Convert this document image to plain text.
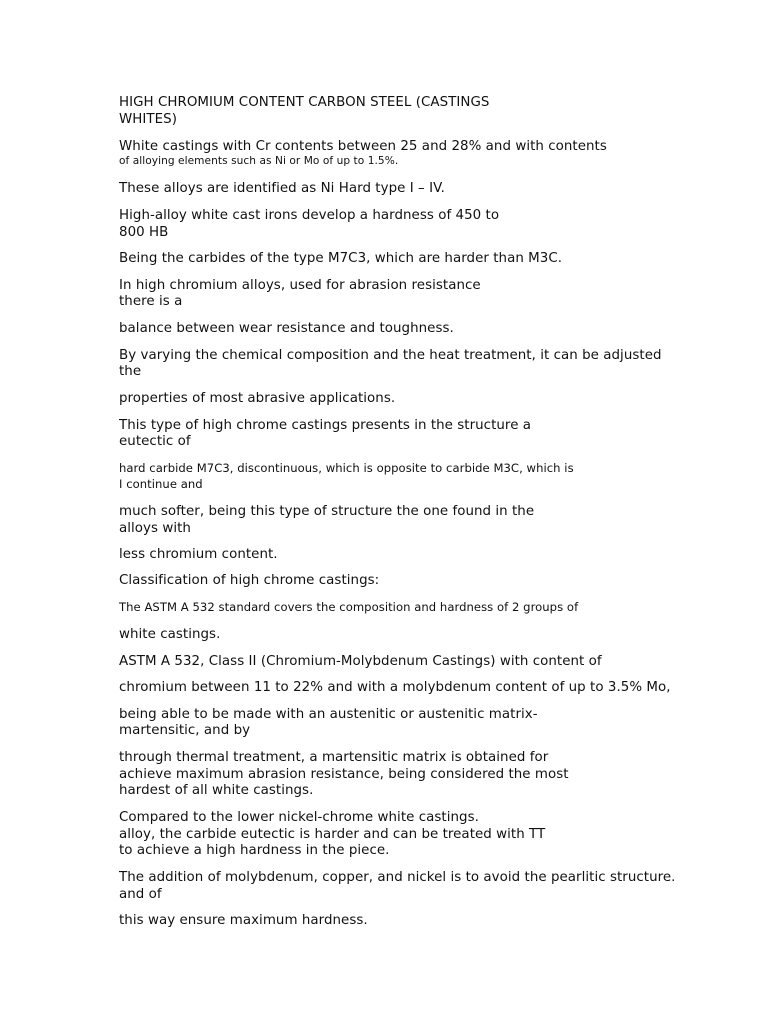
HIGH CHROMIUM CONTENT CARBON STEEL (CASTINGS
WHITES)
White castings with Cr contents between 25 and 28% and with contents
of alloying elements such as Ni or Mo of up to 1.5%.
These alloys are identified as Ni Hard type I – IV.
High-alloy white cast irons develop a hardness of 450 to
800 HB
Being the carbides of the type M7C3, which are harder than M3C.
In high chromium alloys, used for abrasion resistance
there is a
balance between wear resistance and toughness.
By varying the chemical composition and the heat treatment, it can be adjusted
the
properties of most abrasive applications.
This type of high chrome castings presents in the structure a
eutectic of
hard carbide M7C3, discontinuous, which is opposite to carbide M3C, which is
I continue and
much softer, being this type of structure the one found in the
alloys with
less chromium content.
Classification of high chrome castings:
The ASTM A 532 standard covers the composition and hardness of 2 groups of
white castings.
ASTM A 532, Class II (Chromium-Molybdenum Castings) with content of
chromium between 11 to 22% and with a molybdenum content of up to 3.5% Mo,
being able to be made with an austenitic or austenitic matrix-
martensitic, and by
through thermal treatment, a martensitic matrix is obtained for
achieve maximum abrasion resistance, being considered the most
hardest of all white castings.
Compared to the lower nickel-chrome white castings.
alloy, the carbide eutectic is harder and can be treated with TT
to achieve a high hardness in the piece.
The addition of molybdenum, copper, and nickel is to avoid the pearlitic structure.
and of
this way ensure maximum hardness.
